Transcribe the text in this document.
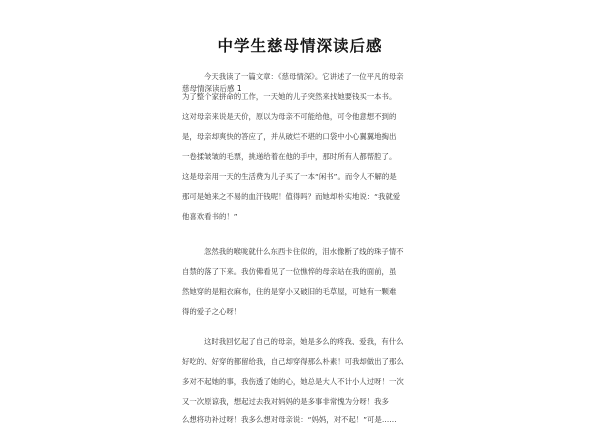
中学生慈母情深读后感

慈母情深读后感 1

今天我读了一篇文章：《慈母情深》。它讲述了一位平凡的母亲
为了整个家拼命的工作，一天她的儿子突然来找她要钱买一本书。
这对母亲来说是天价，原以为母亲不可能给他，可令他意想不到的
是，母亲却爽快的答应了，并从破烂不堪的口袋中小心翼翼地掏出
一卷揉皱皱的毛票，挑递给着在他的手中，那时所有人都帮腔了。
这是母亲用一天的生活费为儿子买了一本“闲书”。而令人不解的是
那可是她来之不易的血汗钱呢！值得吗？而她却朴实地说：“我就爱
他喜欢看书的！”
忽然我的喉咙就什么东西卡住似的，泪水像断了线的珠子情不
自禁的落了下来。我仿佛看见了一位憔悴的母亲站在我的面前，虽
然她穿的是粗衣麻布，住的是穿小又破旧的毛草屋，可她有一颗难
得的爱子之心呀！
这时我回忆起了自己的母亲，她是多么的疼我、爱我，有什么
好吃的、好穿的都留给我，自己却穿得那么朴素！可我却做出了那么
多对不起她的事，我伤透了她的心，她总是大人不计小人过呀！一次
又一次原谅我，想起过去我对妈妈的是多事非常愧为分呀！我多
么想将功补过呀！我多么想对母亲说：“妈妈，对不起！”可是……
